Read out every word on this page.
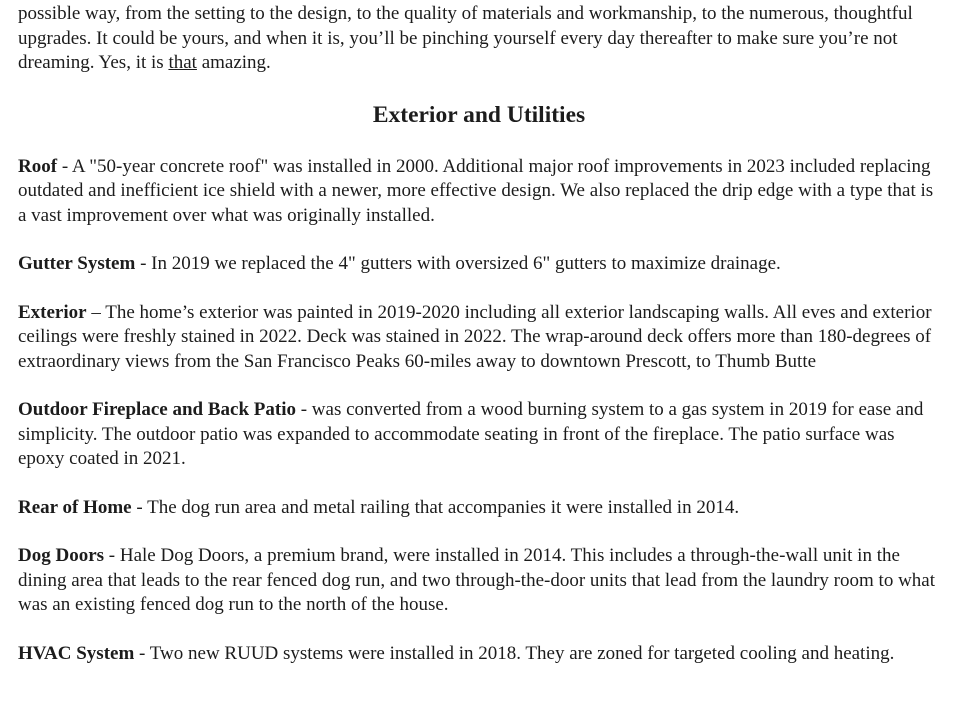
possible way, from the setting to the design, to the quality of materials and workmanship, to the numerous, thoughtful upgrades. It could be yours, and when it is, you’ll be pinching yourself every day thereafter to make sure you’re not dreaming. Yes, it is that amazing.

Exterior and Utilities

Roof - A "50-year concrete roof" was installed in 2000. Additional major roof improvements in 2023 included replacing outdated and inefficient ice shield with a newer, more effective design. We also replaced the drip edge with a type that is a vast improvement over what was originally installed.

Gutter System - In 2019 we replaced the 4" gutters with oversized 6" gutters to maximize drainage.

Exterior – The home’s exterior was painted in 2019-2020 including all exterior landscaping walls. All eves and exterior ceilings were freshly stained in 2022. Deck was stained in 2022. The wrap-around deck offers more than 180-degrees of extraordinary views from the San Francisco Peaks 60-miles away to downtown Prescott, to Thumb Butte

Outdoor Fireplace and Back Patio - was converted from a wood burning system to a gas system in 2019 for ease and simplicity. The outdoor patio was expanded to accommodate seating in front of the fireplace. The patio surface was epoxy coated in 2021.

Rear of Home - The dog run area and metal railing that accompanies it were installed in 2014.

Dog Doors - Hale Dog Doors, a premium brand, were installed in 2014. This includes a through-the-wall unit in the dining area that leads to the rear fenced dog run, and two through-the-door units that lead from the laundry room to what was an existing fenced dog run to the north of the house.

HVAC System - Two new RUUD systems were installed in 2018. They are zoned for targeted cooling and heating.
